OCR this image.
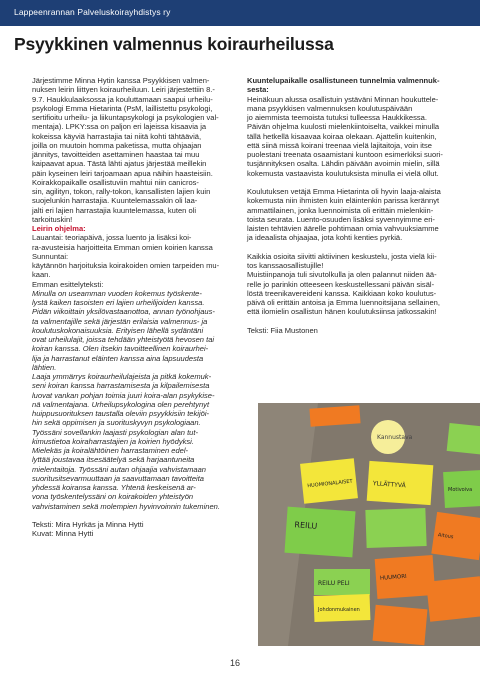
Lappeenrannan Palveluskoirayhdistys ry
Psyykkinen valmennus koiraurheilussa

Järjestimme Minna Hytin kanssa Psyykkisen valmen-

nuksen leirin liittyen koiraurheiluun. Leiri järjestettiin 8.-

9.7. Haukkulaaksossa ja kouluttamaan saapui urheilu-

psykologi Emma Hietarinta (PsM, laillistettu psykologi,

sertifioitu urheilu- ja liikuntapsykologi ja psykologien val-

mentaja). LPKY:ssa on paljon eri lajeissa kisaavia ja

kokeissa käyviä harrastajia tai niitä kohti tähtääviä,

joilla on muutoin homma paketissa, mutta ohjaajan

jännitys, tavoitteiden asettaminen haastaa tai muu

kaipaavat apua. Tästä lähti ajatus järjestää meillekin

päin kyseinen leiri tarjoamaan apua näihin haasteisiin.

Koirakkopaikalle osallistuviin mahtui niin canicros-

sin, agilityn, tokon, rally-tokon, kansallisten lajien kuin

suojelunkin harrastajia. Kuuntelemassakin oli laa-

jalti eri lajien harrastajia kuuntelemassa, kuten oli

tarkoituskin!

Leirin ohjelma:

Lauantai: teoriapäivä, jossa luento ja lisäksi koi-

ra-avusteisia harjoitteita Emman omien koirien kanssa

Sunnuntai:

käytännön harjoituksia koirakoiden omien tarpeiden mu-

kaan.

Emman esittelyteksti:

Minulla on useamman vuoden kokemus työskente-

lystä kaiken tasoisten eri lajien urheilijoiden kanssa.

Pidän viikoittain yksilövastaanottoa, annan työnohjaus-

ta valmentajille sekä järjestän erilaisia valmennus- ja

koulutuskokonaisuuksia. Erityisen lähellä sydäntäni

ovat urheilulajit, joissa tehdään yhteistyötä hevosen tai

koiran kanssa. Olen itsekin tavoitteellinen koiraurhei-

lija ja harrastanut eläinten kanssa aina lapsuudesta

lähtien.

Laaja ymmärrys koiraurheilulajeista ja pitkä kokemuk-

seni koiran kanssa harrastamisesta ja kilpailemisesta

luovat vankan pohjan toimia juuri koira-alan psykykise-

nä valmentajana. Urheilupsykologina olen perehtynyt

huippusuorituksen taustalla oleviin psyykkisiin tekijöi-

hin sekä oppimisen ja suorituskyvyn psykologiaan.

Työssäni sovellankin laajasti psykologian alan tut-

kimustietoa koiraharrastajien ja koirien hyödyksi.

Mielekäs ja koiralähtöinen harrastaminen edel-

lyttää joustavaa itsesäätelyä sekä harjaantuneita

mielentaitoja. Työssäni autan ohjaajia vahvistamaan

suoritusitsevarmuuttaan ja saavuttamaan tavoitteita

yhdessä koiransa kanssa. Yhtenä keskeisenä ar-

vona työskentelyssäni on koirakoiden yhteistyön

vahvistaminen sekä molempien hyvinvoinnin tukeminen.

Teksti: Mira Hyrkäs ja Minna Hytti

Kuvat: Minna Hytti

Kuuntelupaikalle osallistuneen tunnelmia valmennuk-

sesta:

Heinäkuun alussa osallistuin ystäväni Minnan houkuttele-

mana psyykkisen valmennuksen koulutuspäivään

jo aiemmista teemoista tutuksi tulleessa Haukkikessa.

Päivän ohjelma kuulosti mielenkiintoiselta, vaikkei minulla

tällä hetkellä kisaavaa koiraa olekaan. Ajattelin kuitenkin,

että siinä missä koirani treenaa vielä lajitaitoja, voin itse

puolestani treenata osaamistani kuntoon esimerkiksi suori-

tusjännityksen osalta. Lähdin päivään avoimin mielin, sillä

kokemusta vastaavista koulutuksista minulla ei vielä ollut.

Koulutuksen vetäjä Emma Hietarinta oli hyvin laaja-alaista

kokemusta niin ihmisten kuin eläintenkin parissa kerännyt

ammattilainen, jonka luennoimista oli erittäin mielenkiin-

toista seurata. Luento-osuuden lisäksi syvennyimme eri-

laisten tehtävien äärelle pohtimaan omia vahvuuksiamme

ja ideaalista ohjaajaa, jota kohti kenties pyrkiä.

Kaikkia osioita siivitti aktiivinen keskustelu, josta vielä kii-

tos kanssaosallistujille!

Muistiinpanoja tuli sivutolkulla ja olen palannut niiden ää-

relle jo parinkin otteeseen keskustellessani päivän sisäl-

löstä treenikavereideni kanssa. Kaikkiaan koko koulutus-

päivä oli erittäin antoisa ja Emma luennoitsijana sellainen,

että ilomielin osallistun hänen koulutuksiinsa jatkossakin!

Teksti: Fiia Mustonen

Kannustava
HUOMIONALAISET	YLLÄTTYVÄ
Motivoiva
REILU
Aitous
HUUMORI
REILU PELI
Johdonmukainen
16
